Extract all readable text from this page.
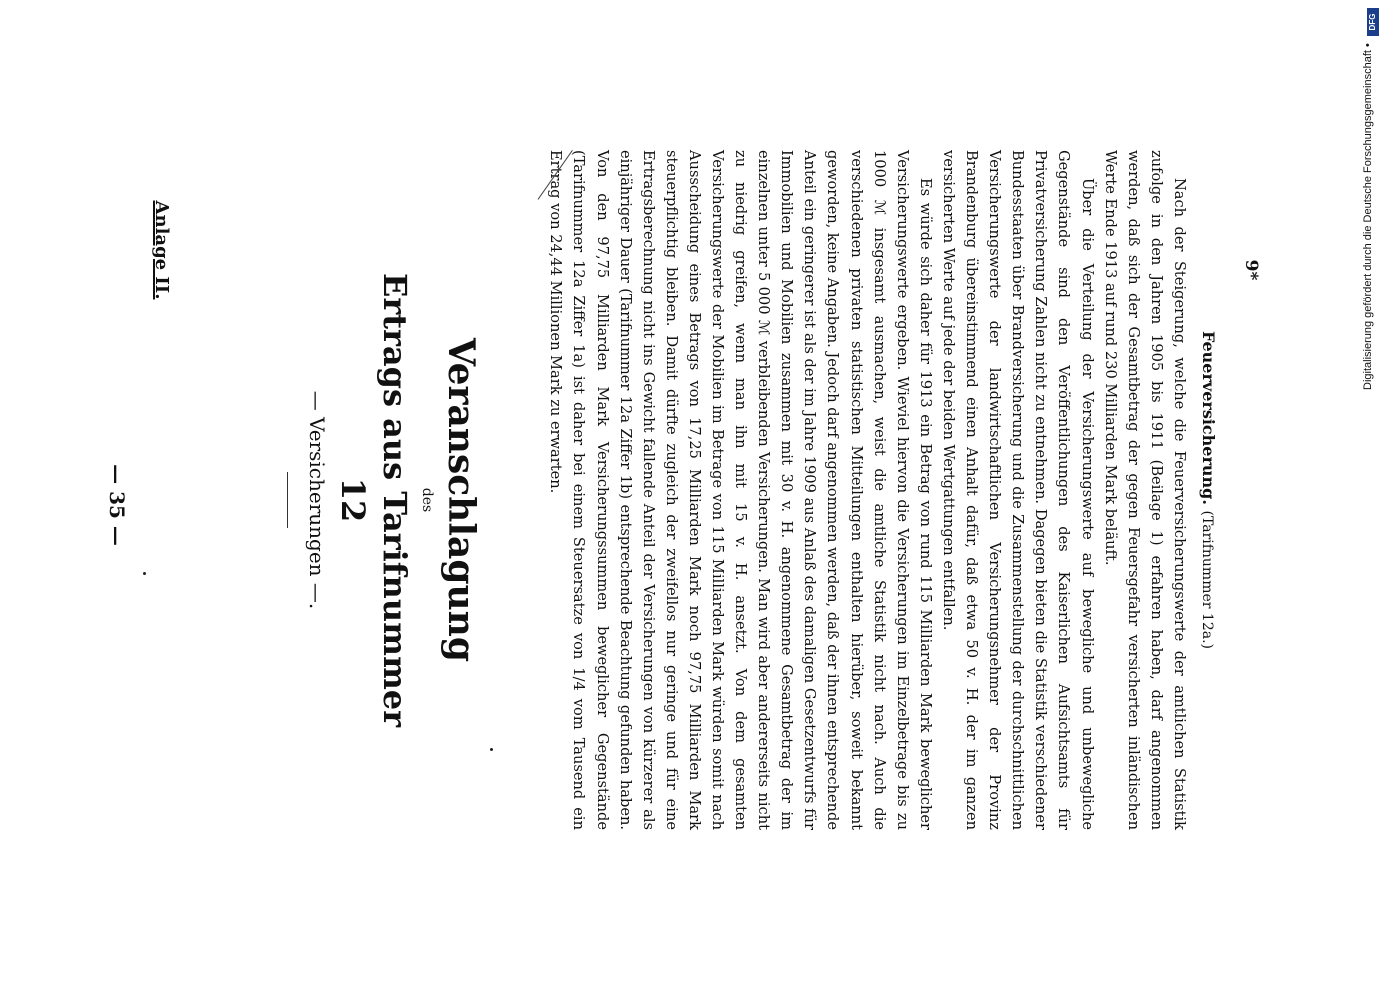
Anlage II.
— 35 —	Veranschlagung
des
Ertrags aus Tarifnummer 12
— Versicherungen —.	Feuerversicherung. (Tarifnummer 12a.)

Nach der Steigerung, welche die Feuerversicherungswerte der amtlichen Statistik zufolge in den Jahren 1905 bis 1911 (Beilage 1) erfahren haben, darf angenommen werden, daß sich der Gesamtbetrag der gegen Feuersgefahr versicherten inländischen Werte Ende 1913 auf rund 230 Milliarden Mark beläuft.

Über die Verteilung der Versicherungswerte auf bewegliche und unbewegliche Gegenstände sind den Veröffentlichungen des Kaiserlichen Aufsichtsamts für Privatversicherung Zahlen nicht zu entnehmen. Dagegen bieten die Statistik verschiedener Bundesstaaten über Brandversicherung und die Zusammenstellung der durchschnittlichen Versicherungswerte der landwirtschaftlichen Versicherungsnehmer der Provinz Brandenburg übereinstimmend einen Anhalt dafür, daß etwa 50 v. H. der im ganzen versicherten Werte auf jede der beiden Wertgattungen entfallen.

Es würde sich daher für 1913 ein Betrag von rund 115 Milliarden Mark beweglicher Versicherungswerte ergeben. Wieviel hiervon die Versicherungen im Einzelbetrage bis zu 1000 ℳ insgesamt ausmachen, weist die amtliche Statistik nicht nach. Auch die verschiedenen privaten statistischen Mitteilungen enthalten hierüber, soweit bekannt geworden, keine Angaben. Jedoch darf angenommen werden, daß der ihnen entsprechende Anteil ein geringerer ist als der im Jahre 1909 aus Anlaß des damaligen Gesetzentwurfs für Immobilien und Mobilien zusammen mit 30 v. H. angenommene Gesamtbetrag der im einzelnen unter 5 000 ℳ verbleibenden Versicherungen. Man wird aber andererseits nicht zu niedrig greifen, wenn man ihn mit 15 v. H. ansetzt. Von dem gesamten Versicherungswerte der Mobilien im Betrage von 115 Milliarden Mark würden somit nach Ausscheidung eines Betrags von 17,25 Milliarden Mark noch 97,75 Milliarden Mark steuerpflichtig bleiben. Damit dürfte zugleich der zweifellos nur geringe und für eine Ertragsberechnung nicht ins Gewicht fallende Anteil der Versicherungen von kürzerer als einjähriger Dauer (Tarifnummer 12a Ziffer 1b) entsprechende Beachtung gefunden haben. Von den 97,75 Milliarden Mark Versicherungssummen beweglicher Gegenstände (Tarifnummer 12a Ziffer 1a) ist daher bei einem Steuersatze von 1/4 vom Tausend ein Ertrag von 24,44 Millionen Mark zu erwarten.	9*	Digitalisierung gefördert durch die Deutsche Forschungsgemeinschaft •
DFG
